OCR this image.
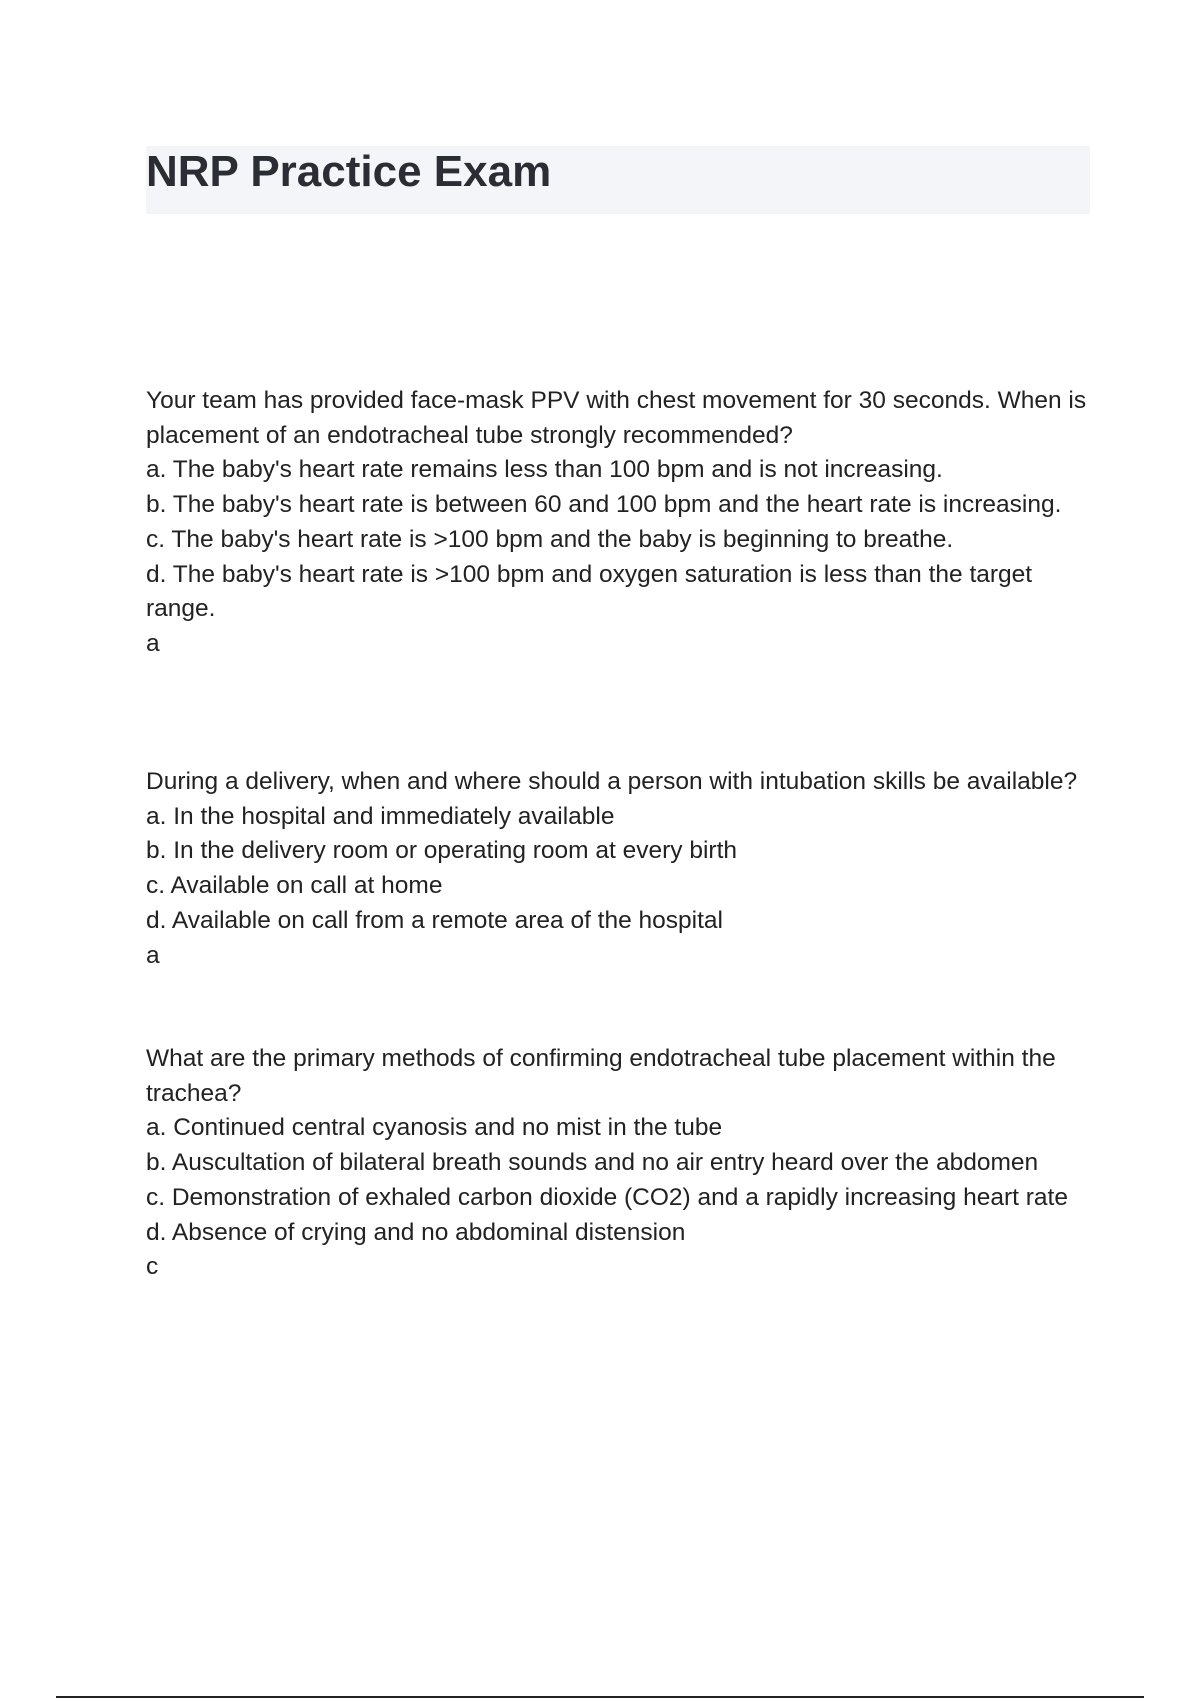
NRP Practice Exam
Your team has provided face-mask PPV with chest movement for 30 seconds. When is placement of an endotracheal tube strongly recommended?
a. The baby's heart rate remains less than 100 bpm and is not increasing.
b. The baby's heart rate is between 60 and 100 bpm and the heart rate is increasing.
c. The baby's heart rate is >100 bpm and the baby is beginning to breathe.
d. The baby's heart rate is >100 bpm and oxygen saturation is less than the target range.
a
During a delivery, when and where should a person with intubation skills be available?
a. In the hospital and immediately available
b. In the delivery room or operating room at every birth
c. Available on call at home
d. Available on call from a remote area of the hospital
a
What are the primary methods of confirming endotracheal tube placement within the trachea?
a. Continued central cyanosis and no mist in the tube
b. Auscultation of bilateral breath sounds and no air entry heard over the abdomen
c. Demonstration of exhaled carbon dioxide (CO2) and a rapidly increasing heart rate
d. Absence of crying and no abdominal distension
c
